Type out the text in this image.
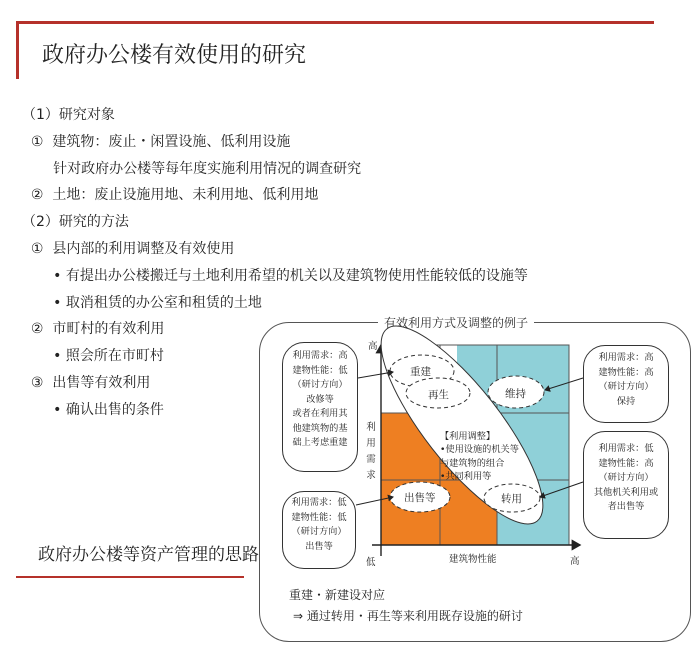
政府办公楼有效使用的研究
（1）研究对象
①  建筑物：废止・闲置设施、低利用设施
针对政府办公楼等每年度实施利用情况的调查研究
②  土地：废止设施用地、未利用地、低利用地
（2）研究的方法
①  县内部的利用调整及有效使用
• 有提出办公楼搬迁与土地利用希望的机关以及建筑物使用性能较低的设施等
• 取消租赁的办公室和租赁的土地
②  市町村的有效利用
• 照会所在市町村
③  出售等有效利用
• 确认出售的条件
政府办公楼等资产管理的思路
有效利用方式及调整的例子
重建
再生	维持
出售等	转用
【利用调整】
•使用设施的机关等
与建筑物的组合
•共同利用等
高
低
利用需求
建筑物性能	高
利用需求：高
建物性能：低
（研讨方向）
改修等
或者在利用其
他建筑物的基
础上考虑重建
利用需求：低
建物性能：低
（研讨方向）
出售等
利用需求：高
建物性能：高
（研讨方向）
保持
利用需求：低
建物性能：高
（研讨方向）
其他机关利用或
者出售等
重建・新建设对应
⇒ 通过转用・再生等来利用既存设施的研讨
